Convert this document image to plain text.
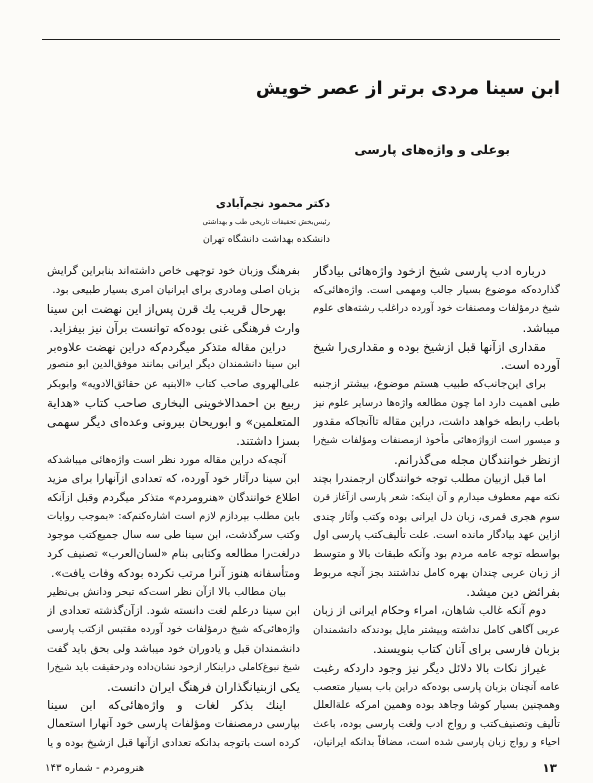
ابن سینا مردی برتر از عصر خویش
بوعلی و واژه‌های پارسی
دکتر محمود نجم‌آبادی
رئیس‌بخش تحقیقات تاریخی طب و بهداشتی
دانشکده بهداشت دانشگاه تهران
درباره ادب پارسی شیخ ازخود واژه‌هائی بیادگار
گذارده‌که موضوع بسیار جالب ومهمی است. واژه‌هائی‌که
شیخ درمؤلفات ومصنفات خود آورده دراغلب رشته‌های علوم
میباشد.
مقداری ازآنها قبل ازشیخ بوده و مقداری‌را شیخ
آورده است.
برای این‌جانب‌که طبیب هستم موضوع، بیشتر ازجنبه
طبی اهمیت دارد اما چون مطالعه واژه‌ها درسایر علوم نیز
باطب رابطه خواهد داشت، دراین مقاله تاآنجاکه مقدور
و میسور است ازواژه‌هائی مأخوذ ازمصنفات ومؤلفات شیخ‌را
ازنظر خوانندگان مجله می‌گذرانم.
اما قبل ازبیان مطلب توجه خوانندگان ارجمندرا بچند
نکته مهم معطوف میدارم و آن اینکه: شعر پارسی ازآغاز قرن
سوم هجری قمری، زبان دل ایرانی بوده وکتب وآثار چندی
ازاین عهد بیادگار مانده است. علت تألیف‌کتب پارسی اول
بواسطه توجه عامه مردم بود وآنکه طبقات بالا و متوسط
از زبان عربی چندان بهره کامل نداشتند بجز آنچه مربوط
بفرائض دین میشد.
دوم آنکه غالب شاهان، امراء وحکام ایرانی از زبان
عربی آگاهی کامل نداشته وبیشتر مایل بودند‌که دانشمندان
بزبان فارسی برای آنان کتاب بنویسند.
غیراز نکات بالا دلائل دیگر نیز وجود دارد‌که رغبت
عامه آنچنان بزبان پارسی بوده‌که دراین باب بسیار متعصب
وهمچنین بسیار کوشا وجاهد بوده وهمین امرکه علةالعلل
تألیف وتصنیف‌کتب و رواج ادب ولغت پارسی بوده، باعث
احیاء و رواج زبان پارسی شده است، مضافاً بدانکه ایرانیان،
بفرهنگ وزبان خود توجهی خاص داشته‌اند بنابراین گرایش
بزبان اصلی ومادری برای ایرانیان امری بسیار طبیعی بود.
بهرحال قریب یك قرن پس‌از این نهضت ابن سینا
وارث فرهنگی غنی بوده‌که توانست برآن نیز بیفزاید.
دراین مقاله متذکر میگردم‌که دراین نهضت علاوه‌بر
ابن سینا دانشمندان دیگر ایرانی بمانند موفق‌الدین ابو منصور
علی‌الهروی صاحب کتاب «الابنیه عن حقائق‌الادویه» وابوبکر
ربیع بن احمدالاخوینی البخاری صاحب کتاب «هدایة
المتعلمین» و ابوریحان بیرونی وعده‌ای دیگر سهمی
بسزا داشتند.
آنچه‌که دراین مقاله مورد نظر است واژه‌هائی میباشد‌که
ابن سینا درآثار خود آورده، که تعدادی ازآنهارا برای مزید
اطلاع خوانندگان «هنرومردم» متذکر میگردم وقبل ازآنکه
باین مطلب بپردازم لازم است اشاره‌کنم‌که: «بموجب روایات
وکتب سرگذشت، ابن سینا طی سه سال جمیع‌کتب موجود
درلغت‌را مطالعه وکتابی بنام «لسان‌العرب» تصنیف کرد
ومتأسفانه هنوز آنرا مرتب نکرده بود‌که وفات یافت».
بیان مطالب بالا ازآن نظر است‌که تبحر ودانش بی‌نظیر
ابن سینا درعلم لغت دانسته شود. ازآن‌گذشته تعدادی از
واژه‌هائی‌که شیخ درمؤلفات خود آورده مقتبس ازکتب پارسی
دانشمندان قبل و یادوران خود میباشد ولی بحق باید گفت
شیخ نبوغ‌کاملی دراینکار ازخود نشان‌داده ودرحقیقت باید شیخ‌را
یکی ازبنیانگذاران فرهنگ ایران دانست.
اینك بذکر لغات و واژه‌هائی‌که ابن سینا
بپارسی درمصنفات ومؤلفات پارسی خود آنهارا استعمال
کرده است باتوجه بدانکه تعدادی ازآنها قبل ازشیخ بوده و یا
۱۳
هنرومردم - شماره ۱۴۳
